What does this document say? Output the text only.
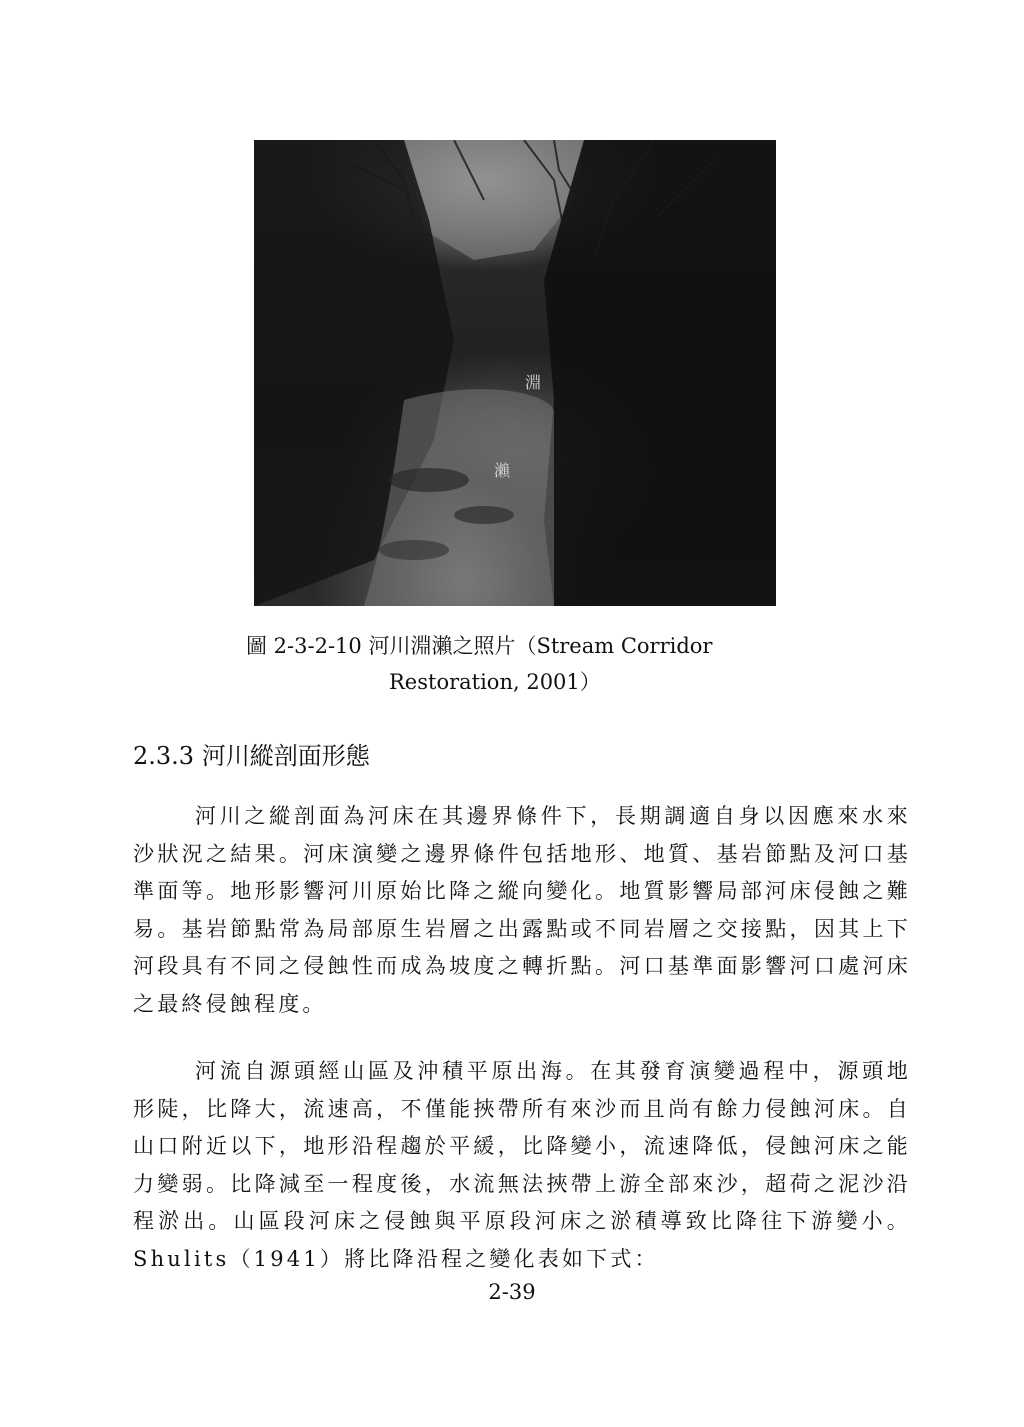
淵
瀨
圖 2-3-2-10 河川淵瀨之照片（Stream Corridor
Restoration, 2001）
2.3.3 河川縱剖面形態

河川之縱剖面為河床在其邊界條件下，長期調適自身以因應來水來沙狀況之結果。河床演變之邊界條件包括地形、地質、基岩節點及河口基準面等。地形影響河川原始比降之縱向變化。地質影響局部河床侵蝕之難易。基岩節點常為局部原生岩層之出露點或不同岩層之交接點，因其上下河段具有不同之侵蝕性而成為坡度之轉折點。河口基準面影響河口處河床之最終侵蝕程度。

河流自源頭經山區及沖積平原出海。在其發育演變過程中，源頭地形陡，比降大，流速高，不僅能挾帶所有來沙而且尚有餘力侵蝕河床。自山口附近以下，地形沿程趨於平緩，比降變小，流速降低，侵蝕河床之能力變弱。比降減至一程度後，水流無法挾帶上游全部來沙，超荷之泥沙沿程淤出。山區段河床之侵蝕與平原段河床之淤積導致比降往下游變小。Shulits（1941）將比降沿程之變化表如下式：

2-39
